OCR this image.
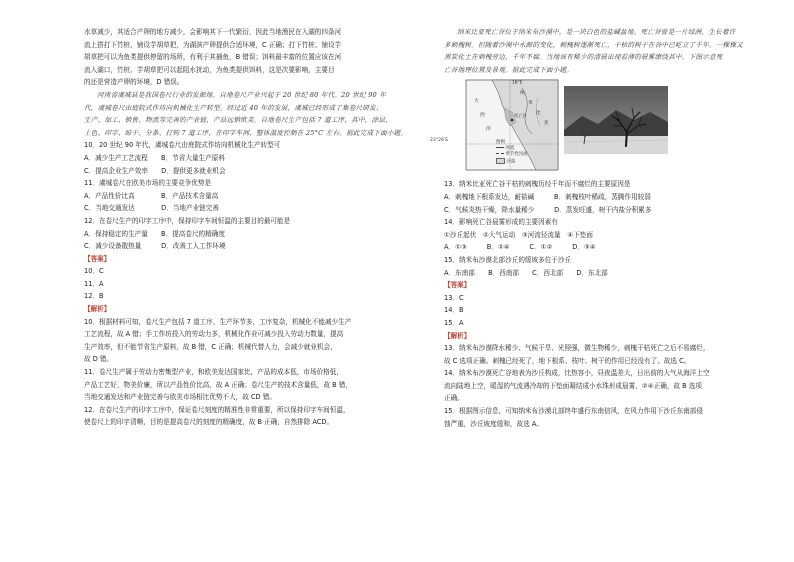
水草减少，其适合产卵的地方减少，会影响其下一代繁衍，因此当地渔民在入湖的四条河
流上搭打下竹桩、铺设芋胡草把，为湖滨产卵提供合适环境，C 正确；打下竹桩、铺设芋
胡草把可以为鱼类提供停留的场所，有利于其捕鱼，B 错误；饵料最丰富的位置应该在河
流入湖口，竹桩、芋胡草把可以起阻水扰动，为鱼类提供饵料，这是次要影响，主要目
的还是营造产卵的环境，D 错误。
河南省虞城县是我国卷尺行业的发源地。自地卷尺产业兴起于 20 世纪 80 年代。20 世纪 90 年
代，虞城卷尺由庭院式作坊向机械化生产转型。经过近 40 年的发展，虞城已经形成了集卷尺研发、
生产、加工、销售、物流等完善的产业链，产品远销欧美。自地卷尺生产包括 7 道工序，其中，涂层、
上色、印字、晾干、分条、打钩 7 道工序，在印字车间，整体温度控制在 25°C 左右。据此完成下面小题。
10．20 世纪 90 年代，虞城卷尺由庭院式作坊向机械化生产转型可
A．减少生产工艺流程　　B．节省大量生产原料
C．提高企业生产效率　　D．提供更多就业机会
11．虞城卷尺在欧美市场的主要竞争优势是
A．产品性价比高　　　　B．产品技术含量高
C．当地交通发达　　　　D．当地产业链完善
12．在卷尺生产的印字工序中，保持印字车间恒温的主要目的最可能是
A．保持稳定的生产量　　B．提高卷尺的精确度
C．减少设备散热量　　　D．改善工人工作环境
【答案】
10．C
11．A
12．B
【解析】
10．根据材料可知，卷尺生产包括 7 道工序，生产环节多，工序复杂，机械化不能减少生产
工艺流程，故 A 错；手工作坊投入的劳动力多，机械化作业可减少投入劳动力数量，提高
生产效率，但不能节省生产原料，故 B 错，C 正确；机械代替人力，会减少就业机会，
故 D 错。
11．卷尺生产属于劳动力密集型产业，和欧美发达国家比，产品的成本低，市场价格低，
产品工艺好，物美价廉，所以产品性价比高，故 A 正确；卷尺生产的技术含量低，故 B 错，
当地交通发达和产业链完善与欧美市场相比优势不大，故 CD 错。
12．在卷尺生产的印字工序中，保证卷尺刻度的精准性非常重要，所以保持印字车间恒温，
使卷尺上的印字清晰，目的是提高卷尺的刻度的精确度，故 B 正确，自然排除 ACD。
纳米比亚死亡谷位于纳米布沙漠中，是一块白色的盐碱盆地。死亡谷曾是一片绿洲，生长着许
多刺槐树。但随着沙漠中水源的变化，刺槐树逐渐死亡，干枯的树干在谷中已屹立了千年。一棵棵又
黑炭化土在刺槐旁边，千年不腐。当地该有稀少的清晨出现看薄的晨雾缭绕其中。下图示意死
亡谷地理位置及景观。据此完成下面小题。
死亡谷
16°E
纳
米
比
亚
大
西
洋
23°26′S	图例
河流
季节性河流
沙漠
13．纳米比亚死亡谷干枯的刺槐历经千年而不腐烂的主要原因是
A．刺槐地下根系发达，耐盐碱　　　B．刺槐枝叶稀疏，蒸腾作用较弱
C．气候炎热干燥，降水量稀少　　　D．蒸发旺盛，树干内盐分积累多
14．影响死亡谷晨雾形成的主要因素有
①沙丘起伏　②大气运动　③河流径流量　④下垫面
A．①③　　　B．②④　　　C．①②　　　D．③④
15．纳米布沙漠北部沙丘的缓坡多位于沙丘
A．东南部　　B．西南部　　C．西北部　　D．东北部
【答案】
13．C
14．B
15．A
【解析】
13．纳米布沙漠降水稀少、气候干旱、光照强，微生物稀少，刺槐干枯死亡之后不易腐烂，
故 C 选项正确。刺槐已经死了，地下根系、枝叶、树干的作用已经没有了。故选 C。
14．纳米布沙漠死亡谷地表为沙丘构成，比热容小，昼夜温差大，日出前的大气从海洋上空
流向陆地上空，暖湿的气流遇冷却的下垫面凝结成小水珠形成晨雾，②④正确，故 B 选项
正确。
15．根据图示信息，可知纳米布沙漠北部终年盛行东南信风，在风力作用下沙丘东南部侵
蚀严重，沙丘坡度缓和，故选 A。
